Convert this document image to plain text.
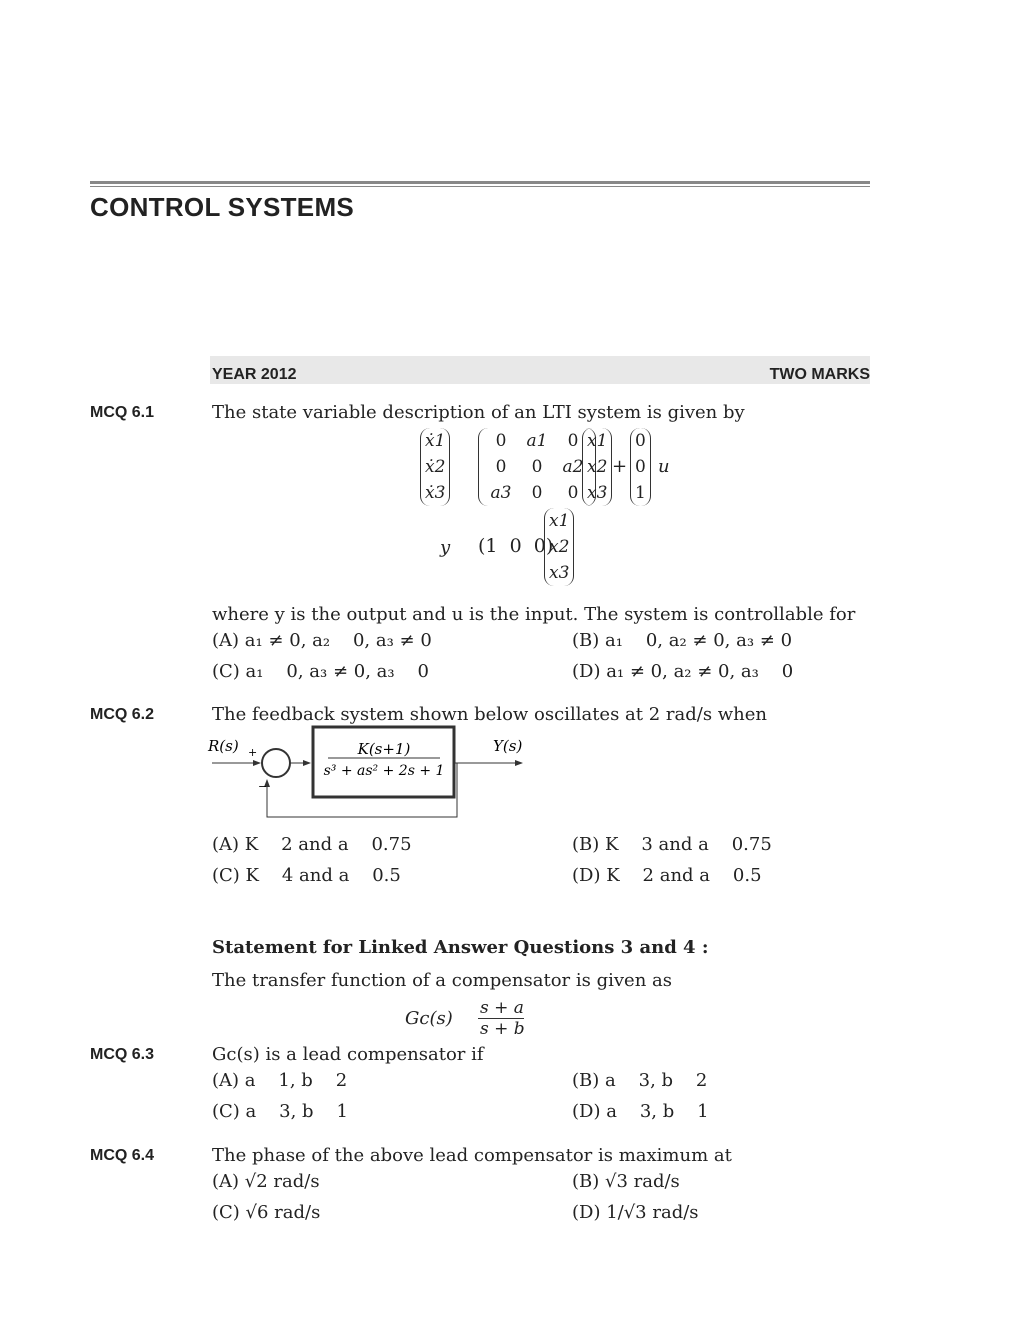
CONTROL SYSTEMS
YEAR 2012	TWO MARKS
MCQ 6.1	The state variable description of an LTI system is given by
ẋ1
ẋ2
ẋ3
0	a1	0
0	0	a2
a3	0	0
x1
x2
x3
+
0
0
1
u
y (1  0  0)
x1
x2
x3
where y is the output and u is the input. The system is controllable for
(A) a₁ ≠ 0, a₂    0, a₃ ≠ 0	(B) a₁    0, a₂ ≠ 0, a₃ ≠ 0
(C) a₁    0, a₃ ≠ 0, a₃    0	(D) a₁ ≠ 0, a₂ ≠ 0, a₃    0
MCQ 6.2	The feedback system shown below oscillates at 2 rad/s when
R(s) +
−
Y(s)
K(s+1)
s³ + as² + 2s + 1
(A) K    2 and a    0.75	(B) K    3 and a    0.75
(C) K    4 and a    0.5	(D) K    2 and a    0.5
Statement for Linked Answer Questions 3 and 4 :
The transfer function of a compensator is given as
Gc(s) s + a
s + b
MCQ 6.3	Gc(s) is a lead compensator if
(A) a    1, b    2	(B) a    3, b    2
(C) a    3, b    1	(D) a    3, b    1
MCQ 6.4	The phase of the above lead compensator is maximum at
(A) √2 rad/s	(B) √3 rad/s
(C) √6 rad/s	(D) 1/√3 rad/s
